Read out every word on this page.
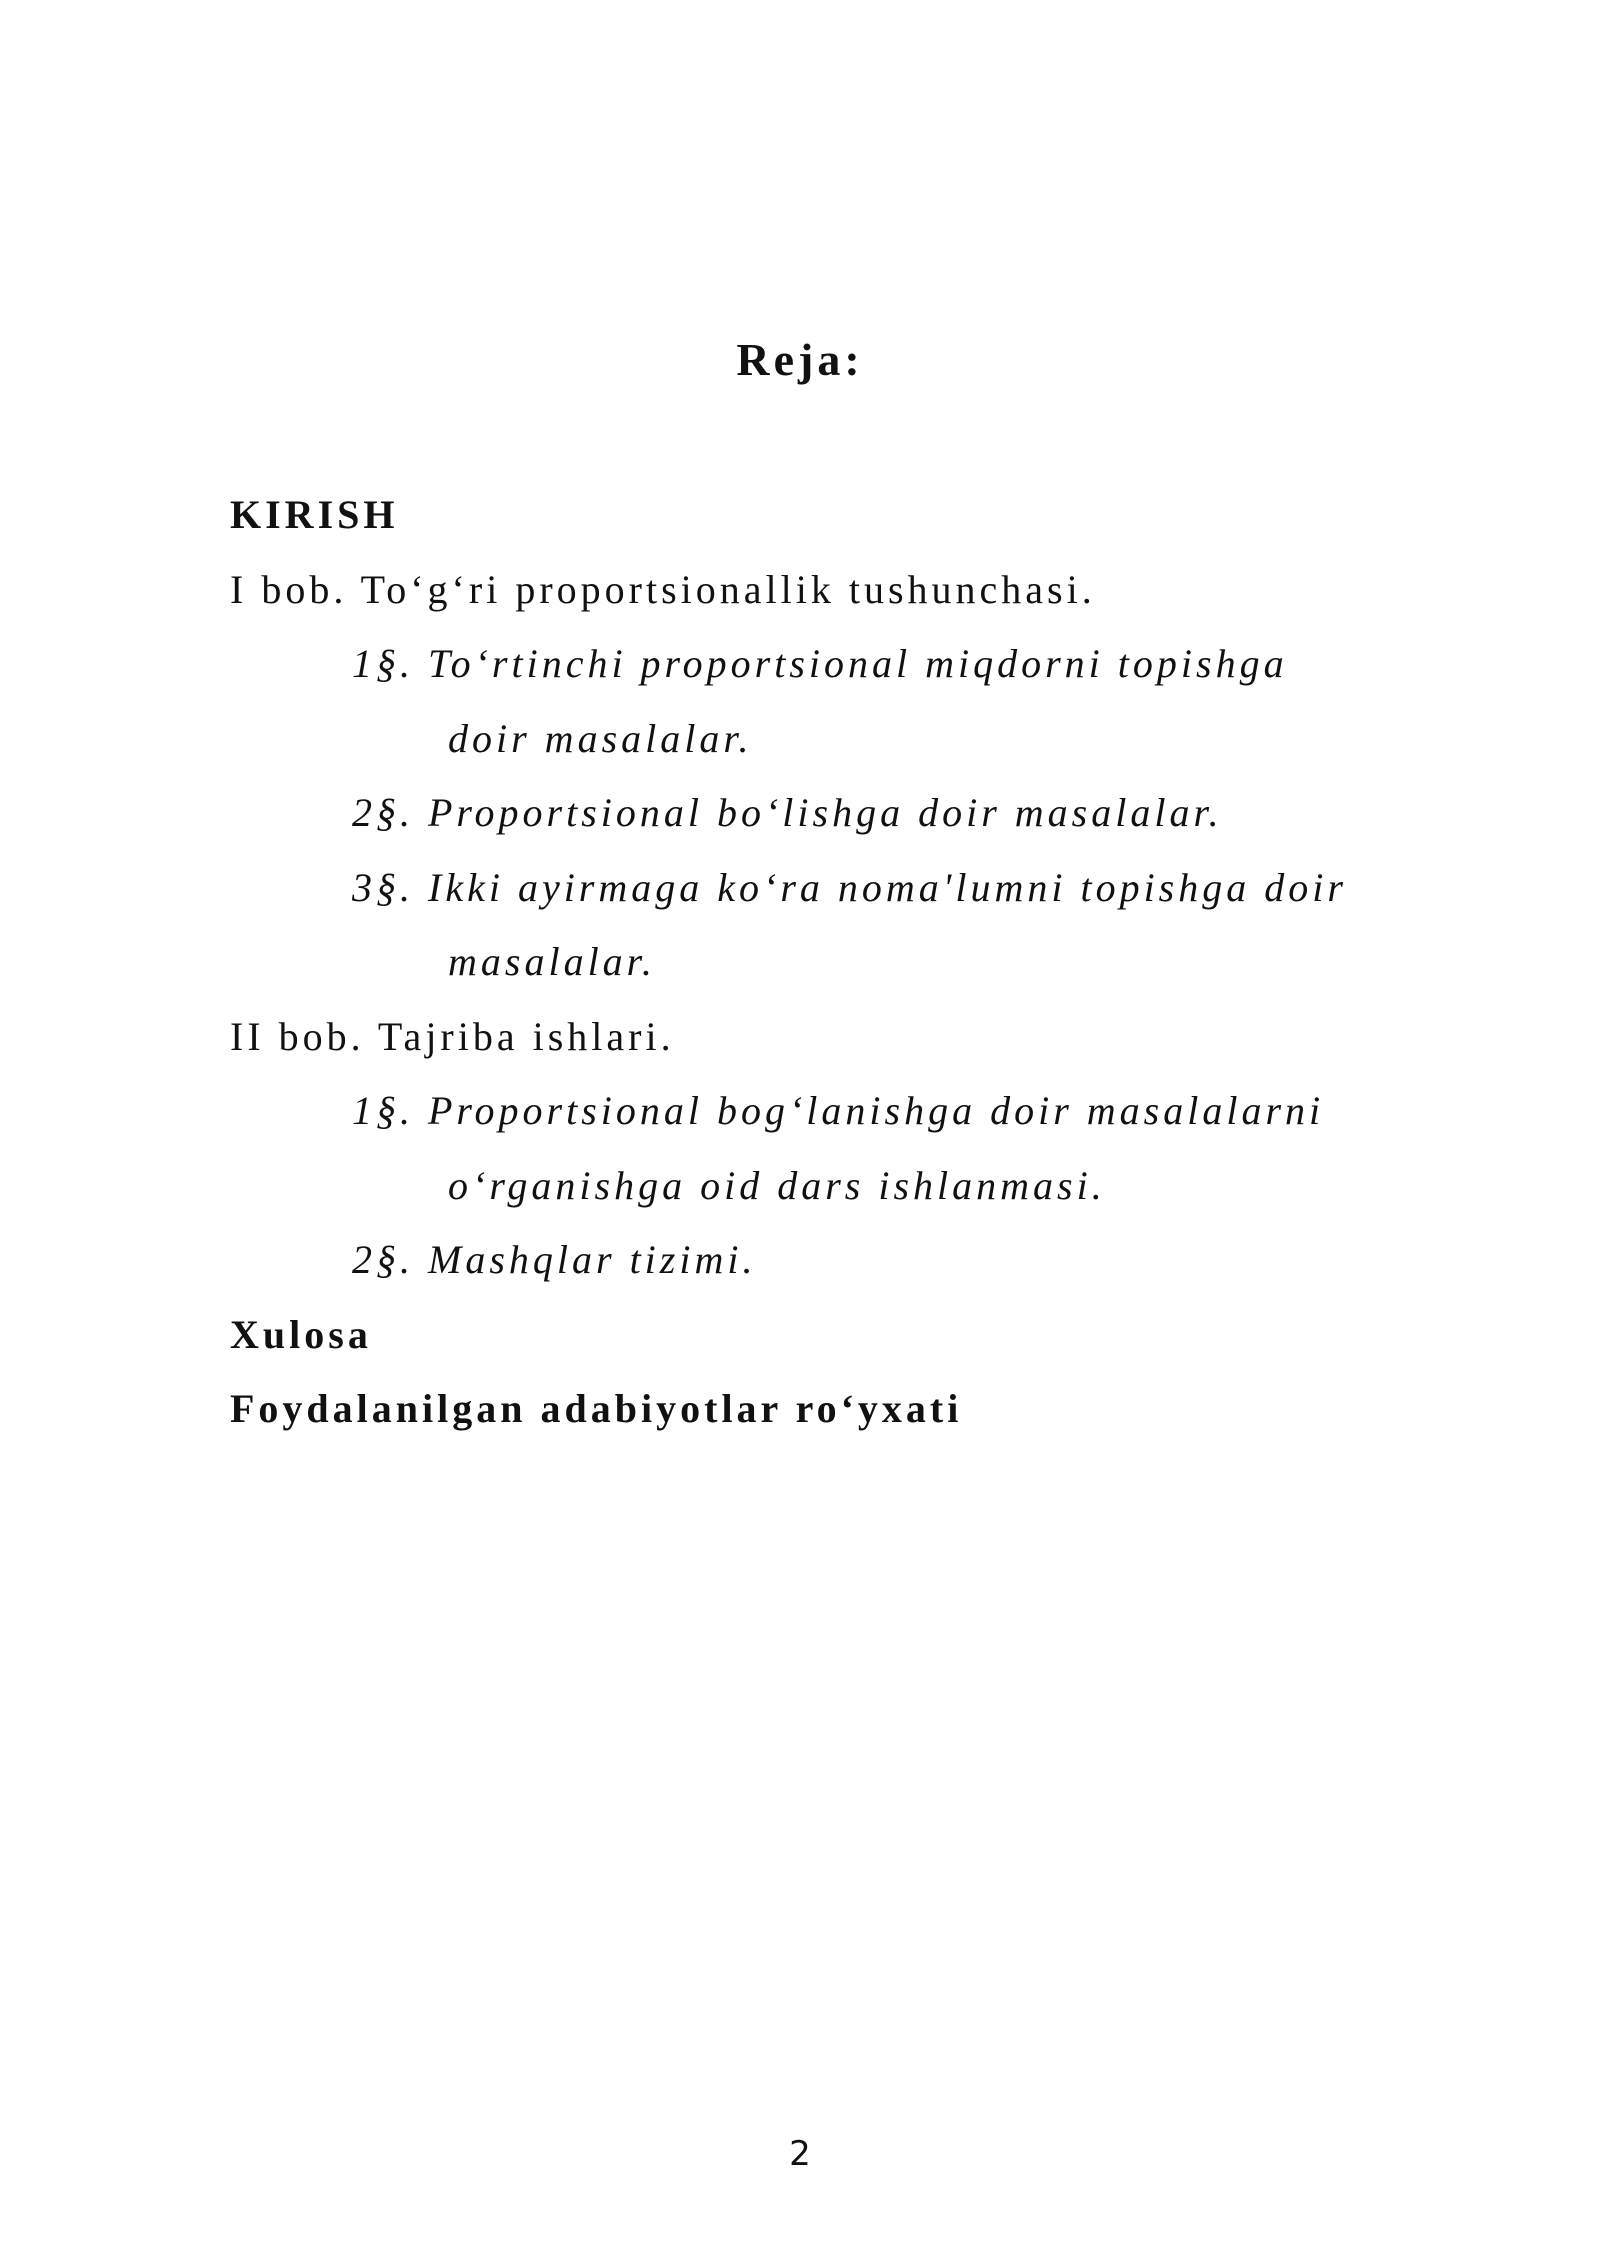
Reja:
KIRISH
I bob. To‘g‘ri proportsionallik tushunchasi.
1§. To‘rtinchi proportsional miqdorni topishga
doir masalalar.
2§. Proportsional bo‘lishga doir masalalar.
3§. Ikki ayirmaga ko‘ra noma'lumni topishga doir
masalalar.
II bob. Tajriba ishlari.
1§. Proportsional bog‘lanishga doir masalalarni
o‘rganishga oid dars ishlanmasi.
2§. Mashqlar tizimi.
Xulosa
Foydalanilgan adabiyotlar ro‘yxati
2
